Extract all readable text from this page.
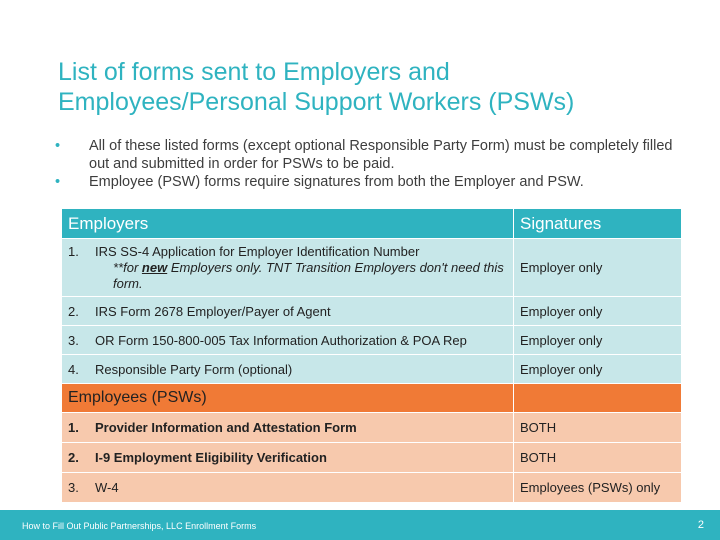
List of forms sent to Employers and
Employees/Personal Support Workers (PSWs)
• All of these listed forms (except optional Responsible Party Form) must be completely filled out and submitted in order for PSWs to be paid.
• Employee (PSW) forms require signatures from both the Employer and PSW.
Employers	Signatures
1. IRS SS-4 Application for Employer Identification Number
**for new Employers only. TNT Transition Employers don't need this form.	Employer only
2. IRS Form 2678 Employer/Payer of Agent	Employer only
3. OR Form 150-800-005 Tax Information Authorization & POA Rep	Employer only
4. Responsible Party Form (optional)	Employer only
Employees (PSWs)	
1. Provider Information and Attestation Form	BOTH
2. I-9 Employment Eligibility Verification	BOTH
3. W-4	Employees (PSWs) only
How to Fill Out Public Partnerships, LLC Enrollment Forms	2
